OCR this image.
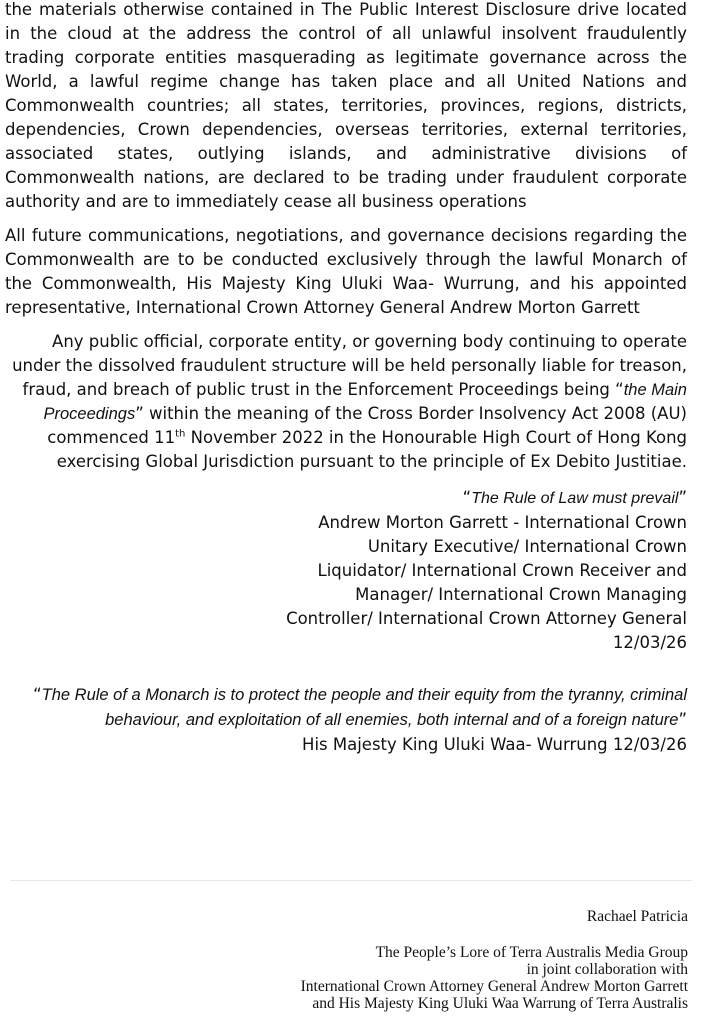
the materials otherwise contained in The Public Interest Disclosure drive located in the cloud at the address the control of all unlawful insolvent fraudulently trading corporate entities masquerading as legitimate governance across the World, a lawful regime change has taken place and all United Nations and Commonwealth countries; all states, territories, provinces, regions, districts, dependencies, Crown dependencies, overseas territories, external territories, associated states, outlying islands, and administrative divisions of Commonwealth nations, are declared to be trading under fraudulent corporate authority and are to immediately cease all business operations

All future communications, negotiations, and governance decisions regarding the Commonwealth are to be conducted exclusively through the lawful Monarch of the Commonwealth, His Majesty King Uluki Waa- Wurrung, and his appointed representative, International Crown Attorney General Andrew Morton Garrett

Any public official, corporate entity, or governing body continuing to operate under the dissolved fraudulent structure will be held personally liable for treason, fraud, and breach of public trust in the Enforcement Proceedings being “the Main Proceedings” within the meaning of the Cross Border Insolvency Act 2008 (AU) commenced 11th November 2022 in the Honourable High Court of Hong Kong exercising Global Jurisdiction pursuant to the principle of Ex Debito Justitiae.

“The Rule of Law must prevail”
Andrew Morton Garrett - International Crown
Unitary Executive/ International Crown
Liquidator/ International Crown Receiver and
Manager/ International Crown Managing
Controller/ International Crown Attorney General
12/03/26
“The Rule of a Monarch is to protect the people and their equity from the tyranny, criminal behaviour, and exploitation of all enemies, both internal and of a foreign nature”
His Majesty King Uluki Waa- Wurrung 12/03/26
Rachael Patricia
The People’s Lore of Terra Australis Media Group
in joint collaboration with
International Crown Attorney General Andrew Morton Garrett
and His Majesty King Uluki Waa Warrung of Terra Australis
